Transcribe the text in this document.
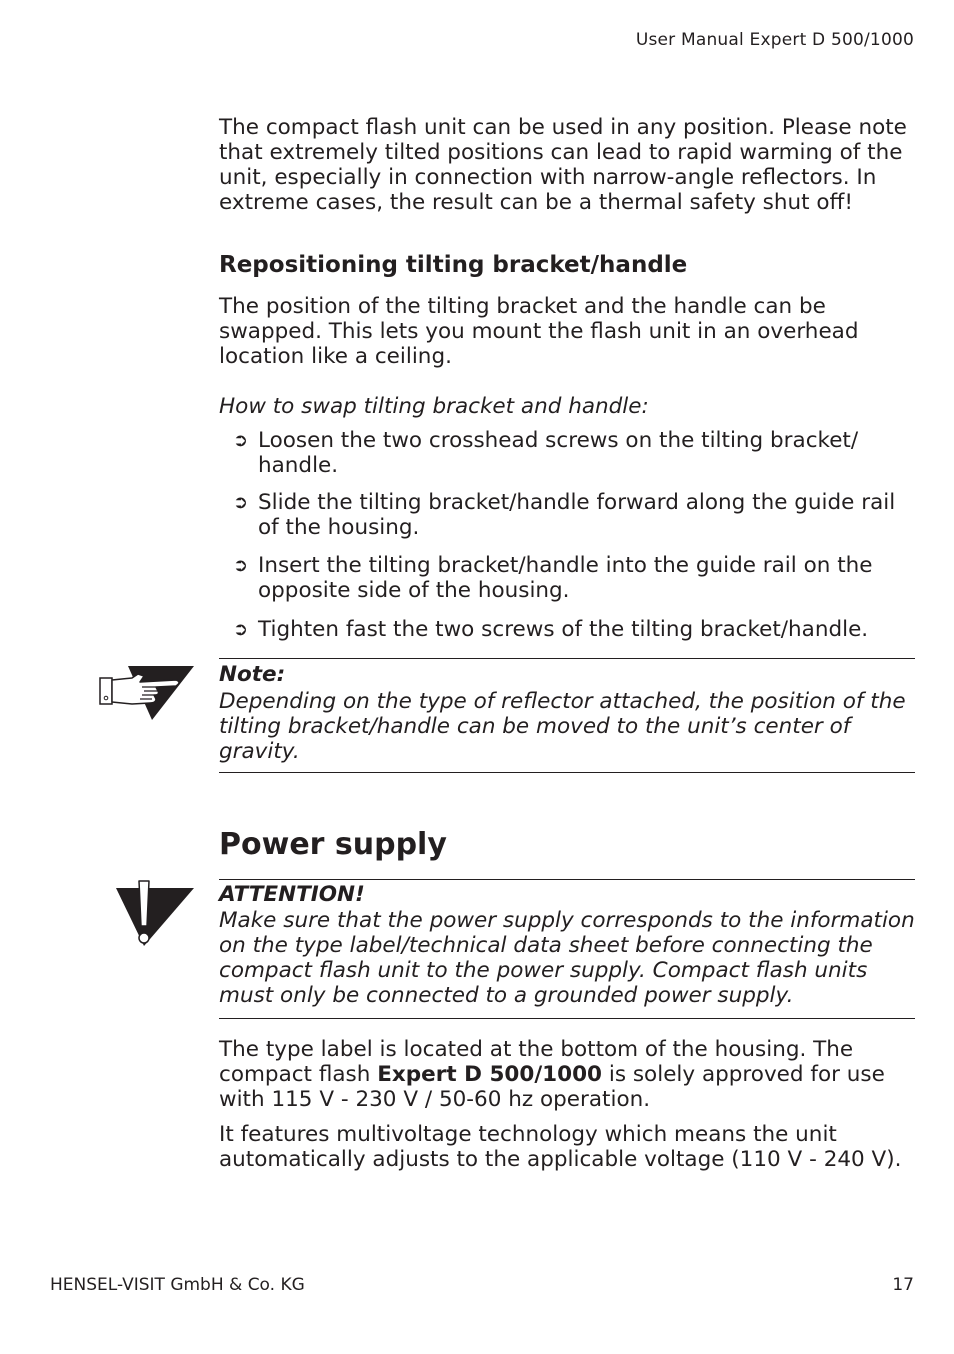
User Manual Expert D 500/1000

The compact flash unit can be used in any position. Please note that extremely tilted positions can lead to rapid warming of the unit, especially in connection with narrow-angle reflectors. In extreme cases, the result can be a thermal safety shut off!

Repositioning tilting bracket/handle

The position of the tilting bracket and the handle can be swapped. This lets you mount the flash unit in an overhead location like a ceiling.

How to swap tilting bracket and handle:

➲ Loosen the two crosshead screws on the tilting bracket/ handle.
➲ Slide the tilting bracket/handle forward along the guide rail of the housing.
➲ Insert the tilting bracket/handle into the guide rail on the opposite side of the housing.
➲ Tighten fast the two screws of the tilting bracket/handle.
Note:

Depending on the type of reflector attached, the position of the tilting bracket/handle can be moved to the unit’s center of gravity.

Power supply
ATTENTION!

Make sure that the power supply corresponds to the information on the type label/technical data sheet before connecting the compact flash unit to the power supply. Compact flash units must only be connected to a grounded power supply.

The type label is located at the bottom of the housing. The compact flash Expert D 500/1000 is solely approved for use with 115 V - 230 V / 50-60 hz operation.

It features multivoltage technology which means the unit automatically adjusts to the applicable voltage (110 V - 240 V).

HENSEL-VISIT GmbH & Co. KG	17
